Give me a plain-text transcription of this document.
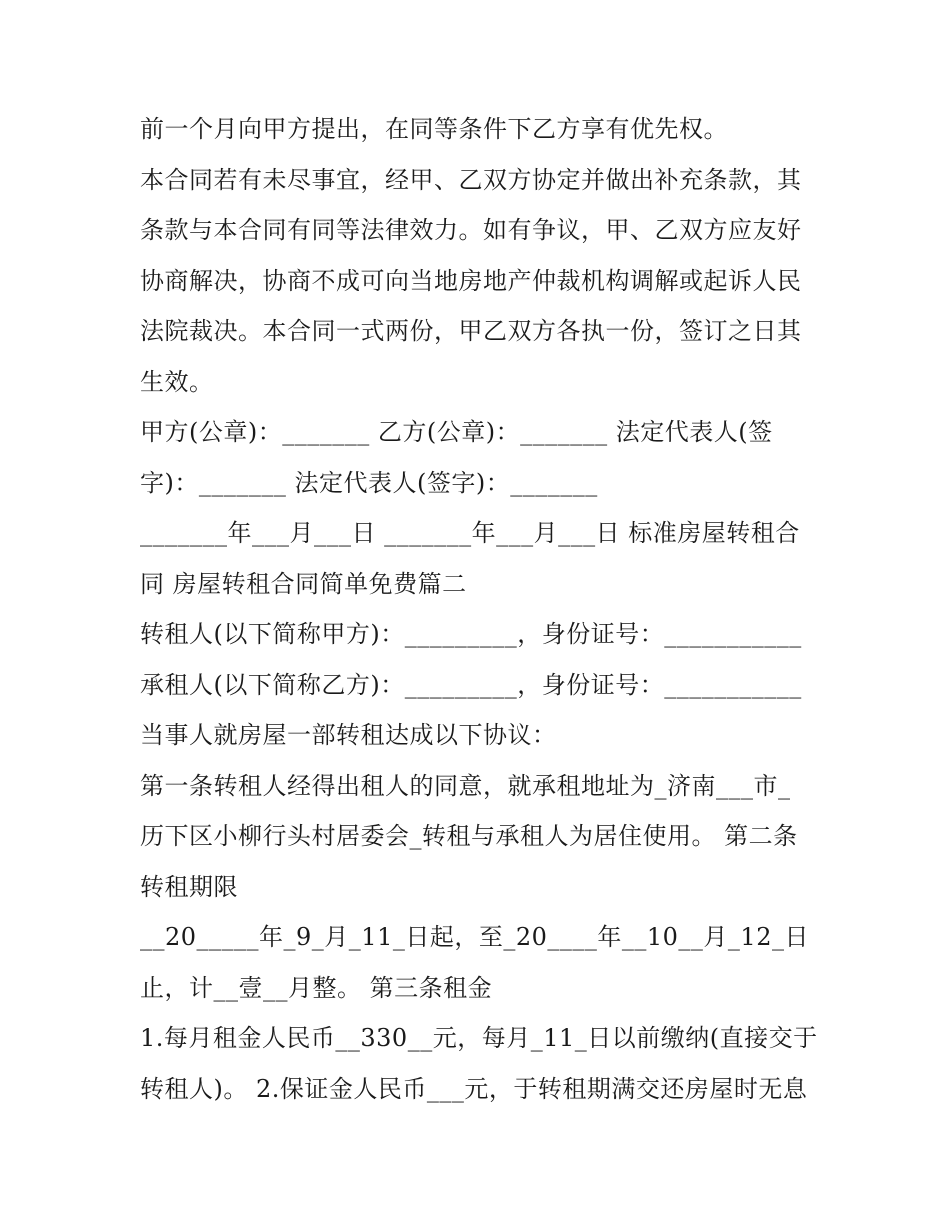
前一个月向甲方提出，在同等条件下乙方享有优先权。
本合同若有未尽事宜，经甲、乙双方协定并做出补充条款，其
条款与本合同有同等法律效力。如有争议，甲、乙双方应友好
协商解决，协商不成可向当地房地产仲裁机构调解或起诉人民
法院裁决。本合同一式两份，甲乙双方各执一份，签订之日其
生效。
甲方(公章)：_______ 乙方(公章)：_______ 法定代表人(签
字)：_______ 法定代表人(签字)：_______
_______年___月___日 _______年___月___日 标准房屋转租合
同 房屋转租合同简单免费篇二
转租人(以下简称甲方)：_________，身份证号：___________
承租人(以下简称乙方)：_________，身份证号：___________
当事人就房屋一部转租达成以下协议：
第一条转租人经得出租人的同意，就承租地址为_济南___市_
历下区小柳行头村居委会_转租与承租人为居住使用。 第二条
转租期限
__20_____年_9_月_11_日起，至_20____年__10__月_12_日
止，计__壹__月整。 第三条租金
1.每月租金人民币__330__元，每月_11_日以前缴纳(直接交于
转租人)。 2.保证金人民币___元，于转租期满交还房屋时无息
